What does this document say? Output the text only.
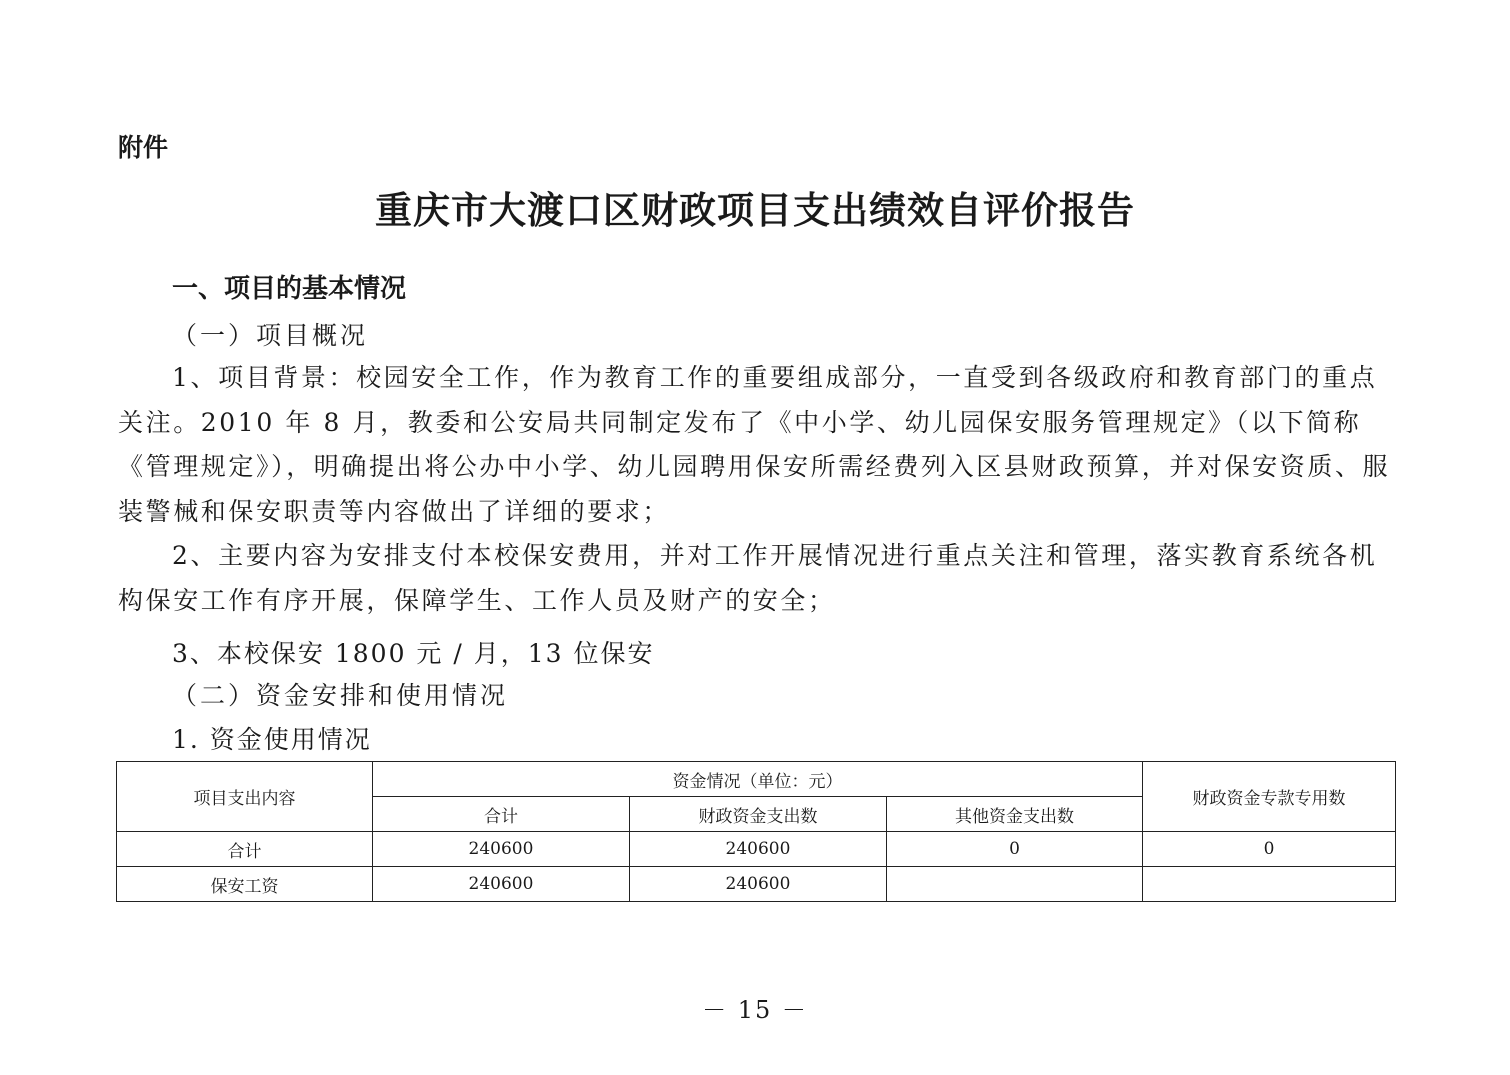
附件
重庆市大渡口区财政项目支出绩效自评价报告
一、项目的基本情况
（一）项目概况
1、项目背景：校园安全工作，作为教育工作的重要组成部分，一直受到各级政府和教育部门的重点关注。2010 年 8 月，教委和公安局共同制定发布了《中小学、幼儿园保安服务管理规定》（以下简称《管理规定》），明确提出将公办中小学、幼儿园聘用保安所需经费列入区县财政预算，并对保安资质、服装警械和保安职责等内容做出了详细的要求；
2、主要内容为安排支付本校保安费用，并对工作开展情况进行重点关注和管理，落实教育系统各机构保安工作有序开展，保障学生、工作人员及财产的安全；
3、本校保安 1800 元 / 月，13 位保安
（二）资金安排和使用情况
1. 资金使用情况
项目支出内容	资金情况（单位：元）			财政资金专款专用数
	合计	财政资金支出数	其他资金支出数	
合计	240600	240600	0	0
保安工资	240600	240600		
－ 15 －
